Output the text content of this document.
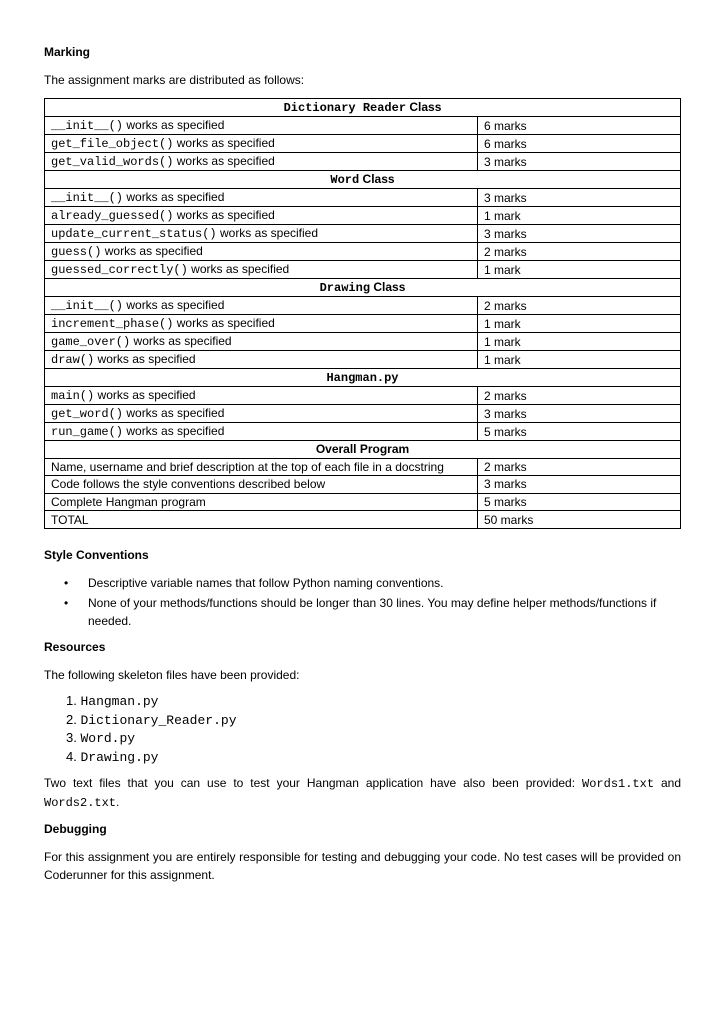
Marking
The assignment marks are distributed as follows:
Dictionary Reader Class	
__init__() works as specified	6 marks
get_file_object() works as specified	6 marks
get_valid_words() works as specified	3 marks
Word Class	
__init__() works as specified	3 marks
already_guessed() works as specified	1 mark
update_current_status() works as specified	3 marks
guess() works as specified	2 marks
guessed_correctly() works as specified	1 mark
Drawing Class	
__init__() works as specified	2 marks
increment_phase() works as specified	1 mark
game_over() works as specified	1 mark
draw() works as specified	1 mark
Hangman.py	
main() works as specified	2 marks
get_word() works as specified	3 marks
run_game() works as specified	5 marks
Overall Program	
Name, username and brief description at the top of each file in a docstring	2 marks
Code follows the style conventions described below	3 marks
Complete Hangman program	5 marks
TOTAL	50 marks
Style Conventions
• Descriptive variable names that follow Python naming conventions.
• None of your methods/functions should be longer than 30 lines. You may define helper methods/functions if needed.
Resources
The following skeleton files have been provided:
1. Hangman.py
2. Dictionary_Reader.py
3. Word.py
4. Drawing.py
Two text files that you can use to test your Hangman application have also been provided: Words1.txt and Words2.txt.
Debugging
For this assignment you are entirely responsible for testing and debugging your code. No test cases will be provided on Coderunner for this assignment.
